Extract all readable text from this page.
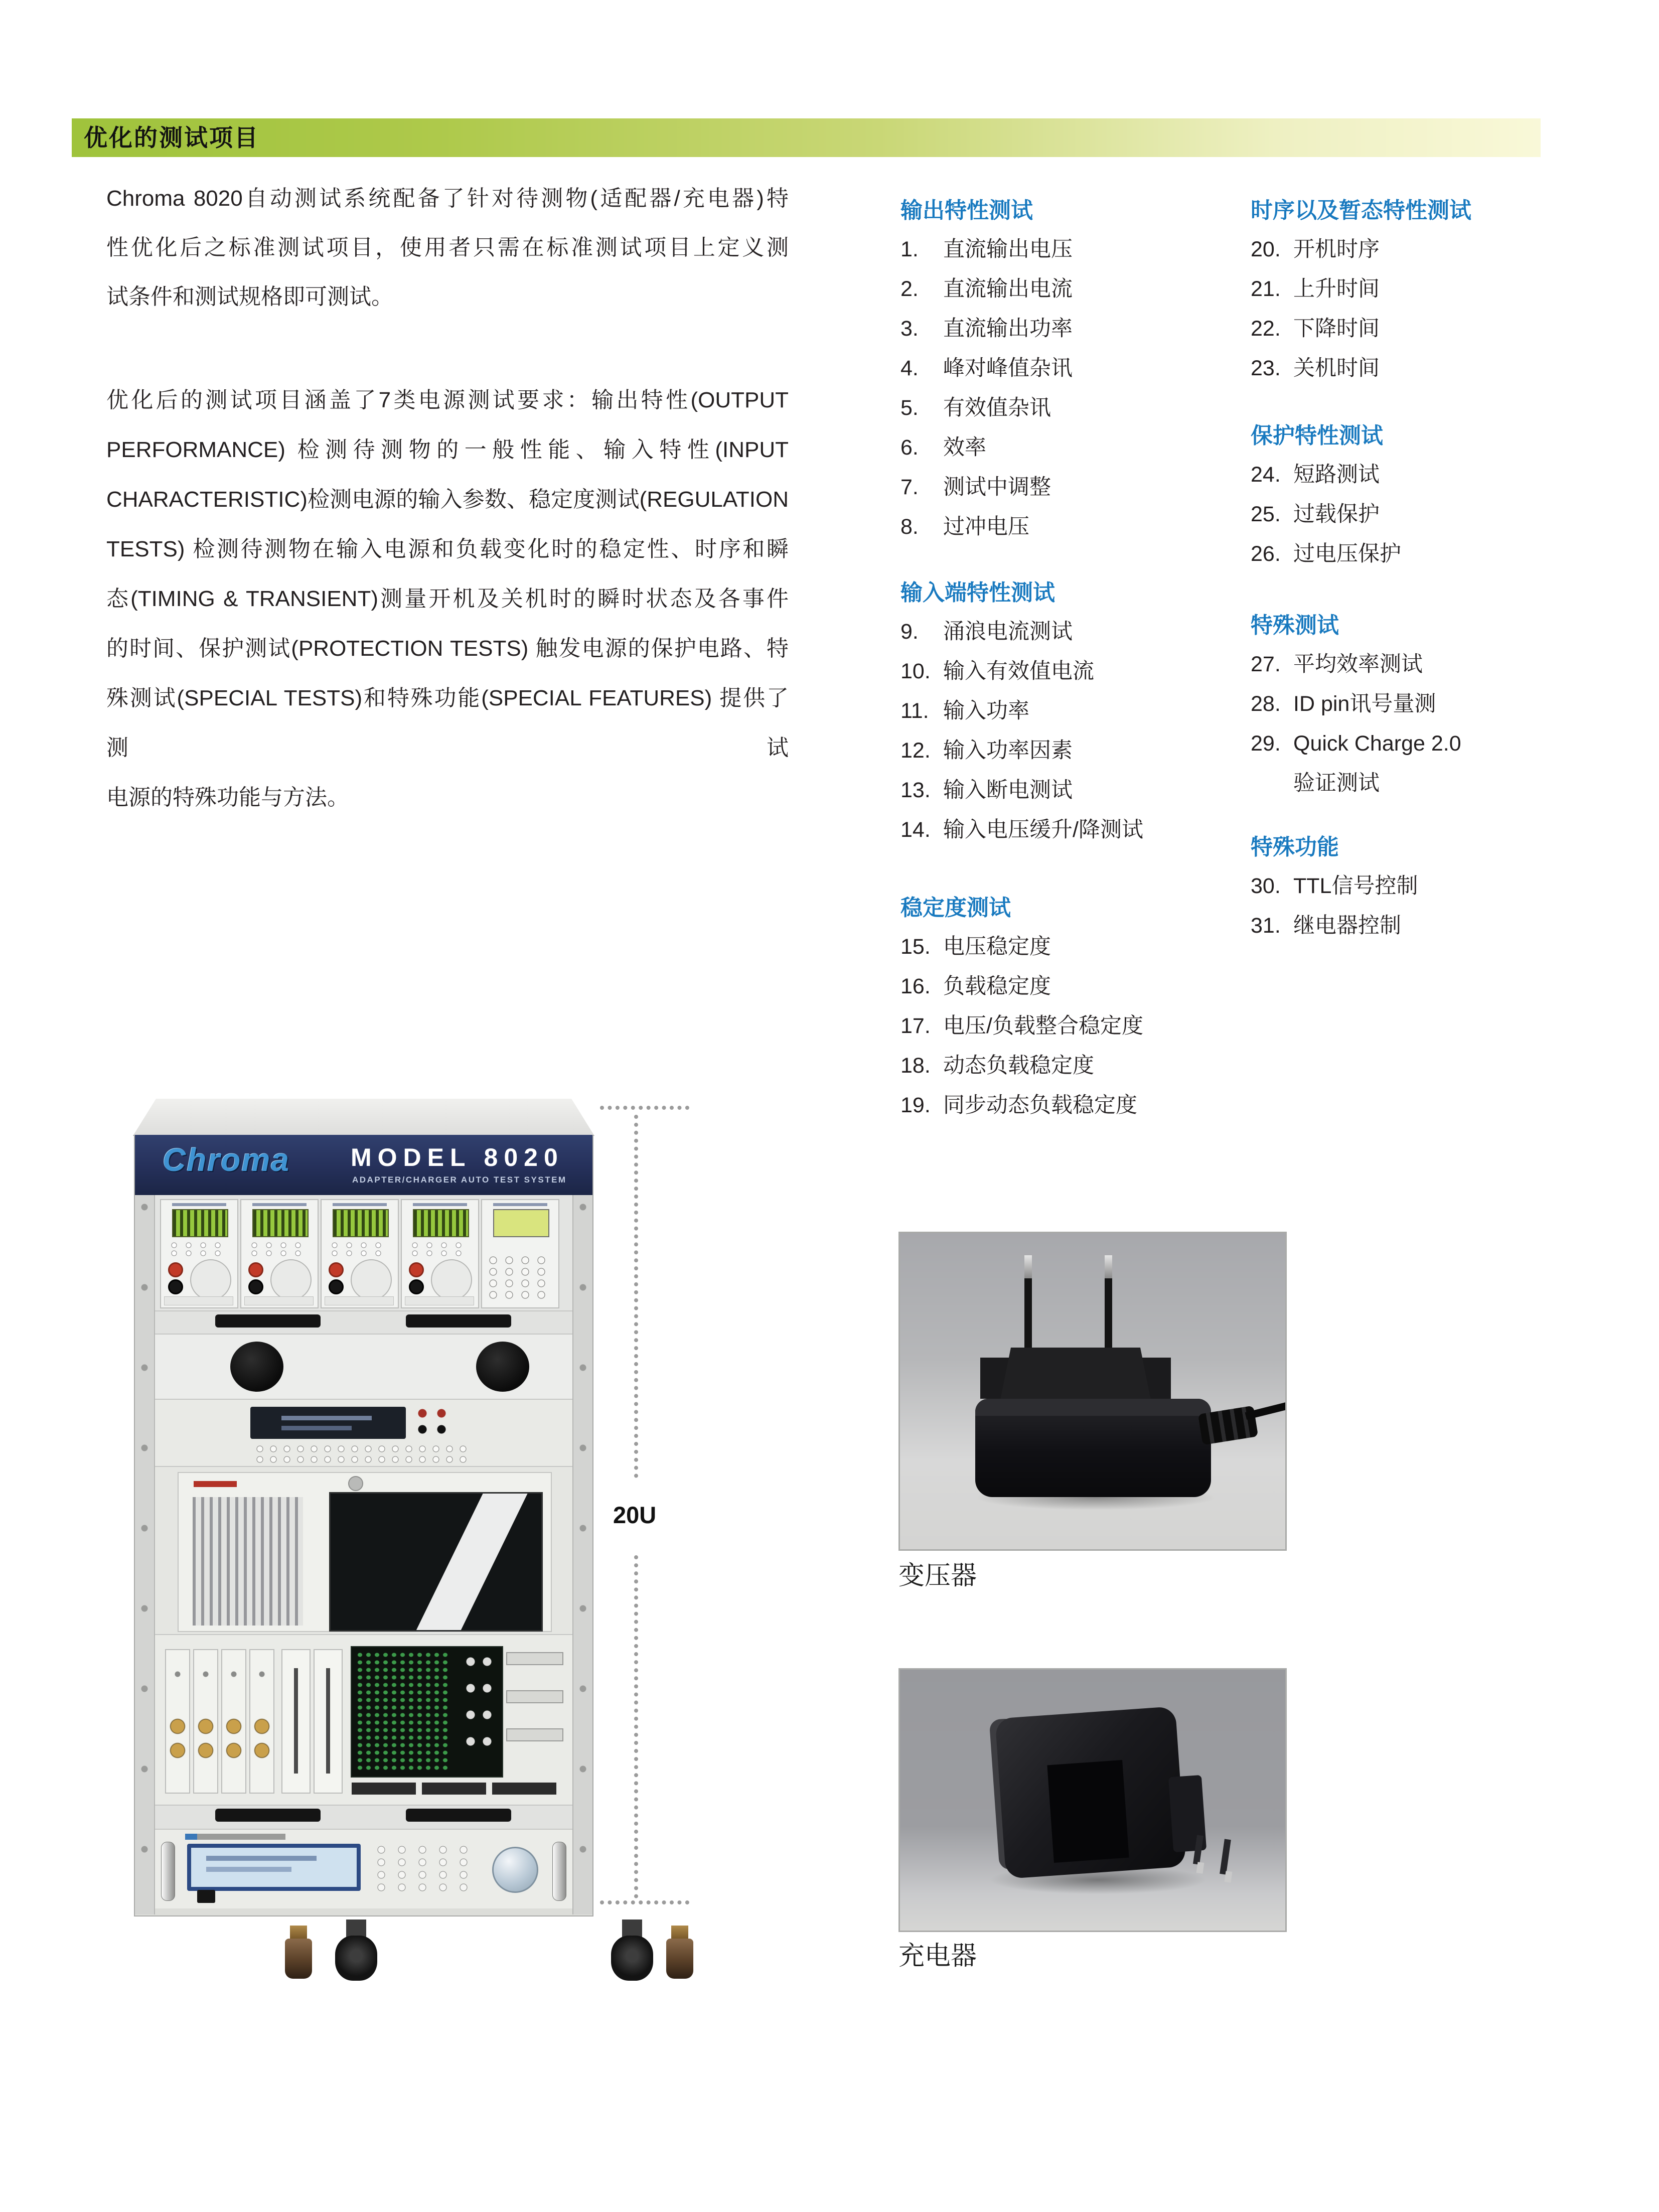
优化的测试项目
Chroma 8020自动测试系统配备了针对待测物(适配器/充电器)特
性优化后之标准测试项目，使用者只需在标准测试项目上定义测
试条件和测试规格即可测试。
优化后的测试项目涵盖了7类电源测试要求：输出特性(OUTPUT
PERFORMANCE) 检测待测物的一般性能、输入特性(INPUT
CHARACTERISTIC)检测电源的输入参数、稳定度测试(REGULATION
TESTS) 检测待测物在输入电源和负载变化时的稳定性、时序和瞬
态(TIMING & TRANSIENT)测量开机及关机时的瞬时状态及各事件
的时间、保护测试(PROTECTION TESTS) 触发电源的保护电路、特
殊测试(SPECIAL TESTS)和特殊功能(SPECIAL FEATURES) 提供了测试
电源的特殊功能与方法。
输出特性测试
1.	直流输出电压
2.	直流输出电流
3.	直流输出功率
4.	峰对峰值杂讯
5.	有效值杂讯
6.	效率
7.	测试中调整
8.	过冲电压
输入端特性测试
9.	涌浪电流测试
10. 输入有效值电流
11. 输入功率
12. 输入功率因素
13. 输入断电测试
14. 输入电压缓升/降测试
稳定度测试
15. 电压稳定度
16. 负载稳定度
17. 电压/负载整合稳定度
18. 动态负载稳定度
19. 同步动态负载稳定度
时序以及暂态特性测试
20. 开机时序
21. 上升时间
22. 下降时间
23. 关机时间
保护特性测试
24. 短路测试
25. 过载保护
26. 过电压保护
特殊测试
27. 平均效率测试
28. ID pin讯号量测
29. Quick Charge 2.0
验证测试
特殊功能
30. TTL信号控制
31. 继电器控制
Chroma MODEL 8020
ADAPTER/CHARGER AUTO TEST SYSTEM
20U
变压器
充电器
